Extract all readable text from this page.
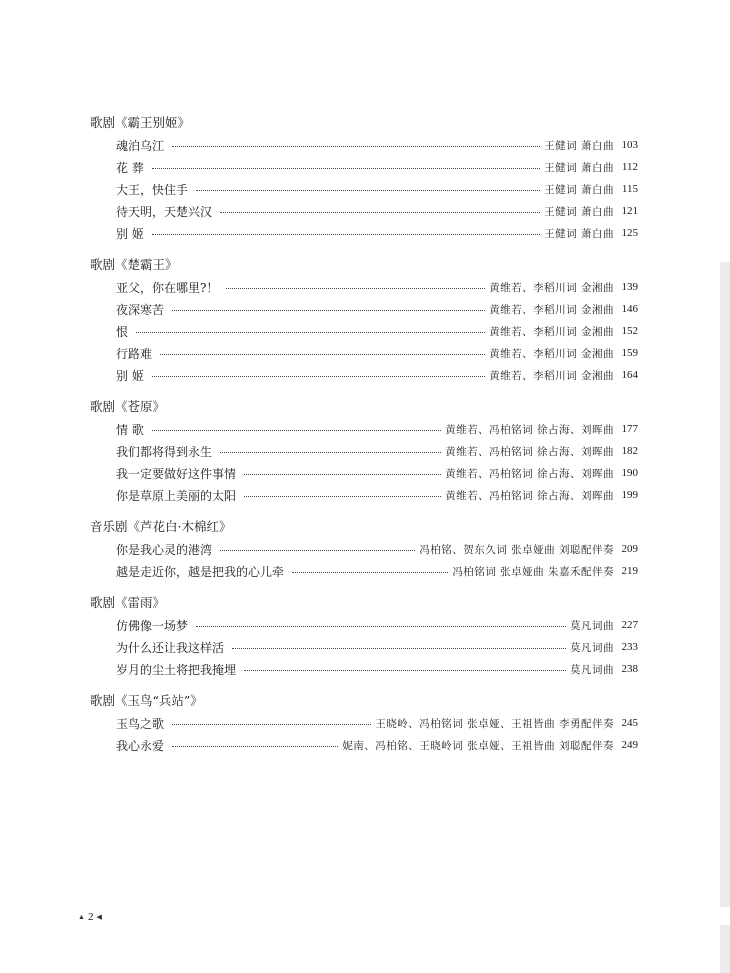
歌剧《霸王别姬》
魂泊乌江	王健词 萧白曲 103
花 葬	王健词 萧白曲 112
大王，快住手	王健词 萧白曲 115
待天明，天楚兴汉	王健词 萧白曲 121
别 姬	王健词 萧白曲 125
歌剧《楚霸王》
亚父，你在哪里?！	黄维若、李稻川词 金湘曲 139
夜深寒苦	黄维若、李稻川词 金湘曲 146
恨	黄维若、李稻川词 金湘曲 152
行路难	黄维若、李稻川词 金湘曲 159
别 姬	黄维若、李稻川词 金湘曲 164
歌剧《苍原》
情 歌	黄维若、冯柏铭词 徐占海、刘晖曲 177
我们都将得到永生	黄维若、冯柏铭词 徐占海、刘晖曲 182
我一定要做好这件事情	黄维若、冯柏铭词 徐占海、刘晖曲 190
你是草原上美丽的太阳	黄维若、冯柏铭词 徐占海、刘晖曲 199
音乐剧《芦花白·木棉红》
你是我心灵的港湾	冯柏铭、贺东久词 张卓娅曲 刘聪配伴奏 209
越是走近你，越是把我的心儿牵	冯柏铭词 张卓娅曲 朱嘉禾配伴奏 219
歌剧《雷雨》
仿佛像一场梦	莫凡词曲 227
为什么还让我这样活	莫凡词曲 233
岁月的尘土将把我掩埋	莫凡词曲 238
歌剧《玉鸟“兵站”》
玉鸟之歌	王晓岭、冯柏铭词 张卓娅、王祖皆曲 李勇配伴奏 245
我心永爱	妮南、冯柏铭、王晓岭词 张卓娅、王祖皆曲 刘聪配伴奏 249
▲ 2 ◀
